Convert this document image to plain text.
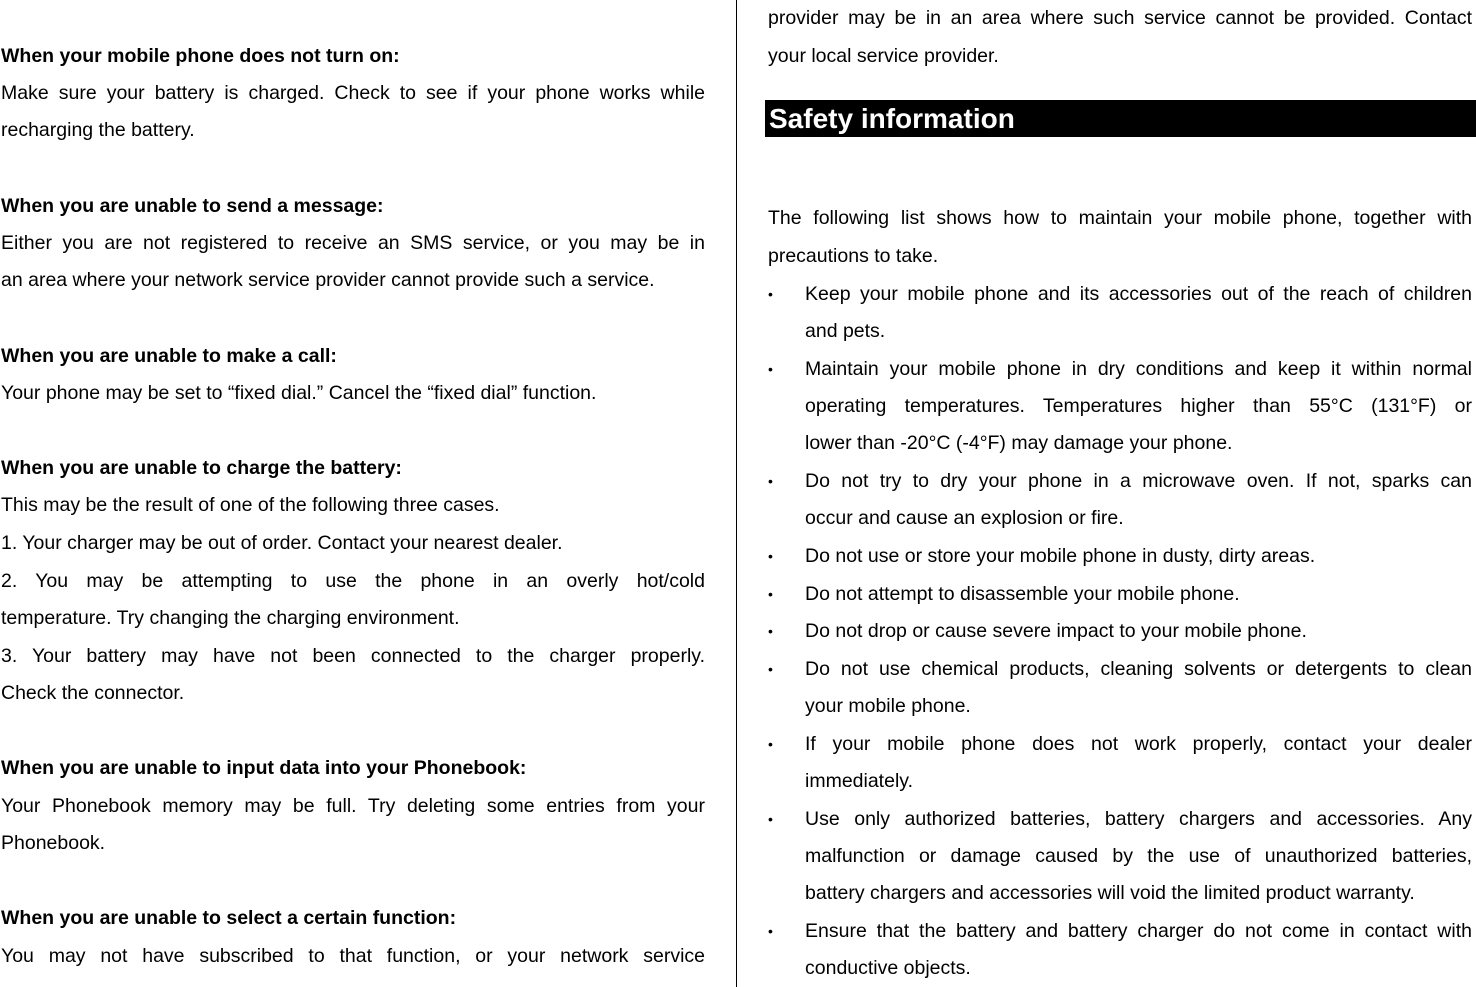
When your mobile phone does not turn on:
Make sure your battery is charged. Check to see if your phone works while
recharging the battery.
When you are unable to send a message:
Either you are not registered to receive an SMS service, or you may be in
an area where your network service provider cannot provide such a service.
When you are unable to make a call:
Your phone may be set to “fixed dial.” Cancel the “fixed dial” function.
When you are unable to charge the battery:
This may be the result of one of the following three cases.
1. Your charger may be out of order. Contact your nearest dealer.
2. You may be attempting to use the phone in an overly hot/cold
temperature. Try changing the charging environment.
3. Your battery may have not been connected to the charger properly.
Check the connector.
When you are unable to input data into your Phonebook:
Your Phonebook memory may be full. Try deleting some entries from your
Phonebook.
When you are unable to select a certain function:
You may not have subscribed to that function, or your network service
provider may be in an area where such service cannot be provided. Contact
your local service provider.
The following list shows how to maintain your mobile phone, together with
precautions to take.
•	Keep your mobile phone and its accessories out of the reach of children
and pets.
•	Maintain your mobile phone in dry conditions and keep it within normal
operating temperatures. Temperatures higher than 55°C (131°F) or
lower than -20°C (-4°F) may damage your phone.
•	Do not try to dry your phone in a microwave oven. If not, sparks can
occur and cause an explosion or fire.
•	Do not use or store your mobile phone in dusty, dirty areas.
•	Do not attempt to disassemble your mobile phone.
•	Do not drop or cause severe impact to your mobile phone.
•	Do not use chemical products, cleaning solvents or detergents to clean
your mobile phone.
•	If your mobile phone does not work properly, contact your dealer
immediately.
•	Use only authorized batteries, battery chargers and accessories. Any
malfunction or damage caused by the use of unauthorized batteries,
battery chargers and accessories will void the limited product warranty.
•	Ensure that the battery and battery charger do not come in contact with
conductive objects.
Safety information
